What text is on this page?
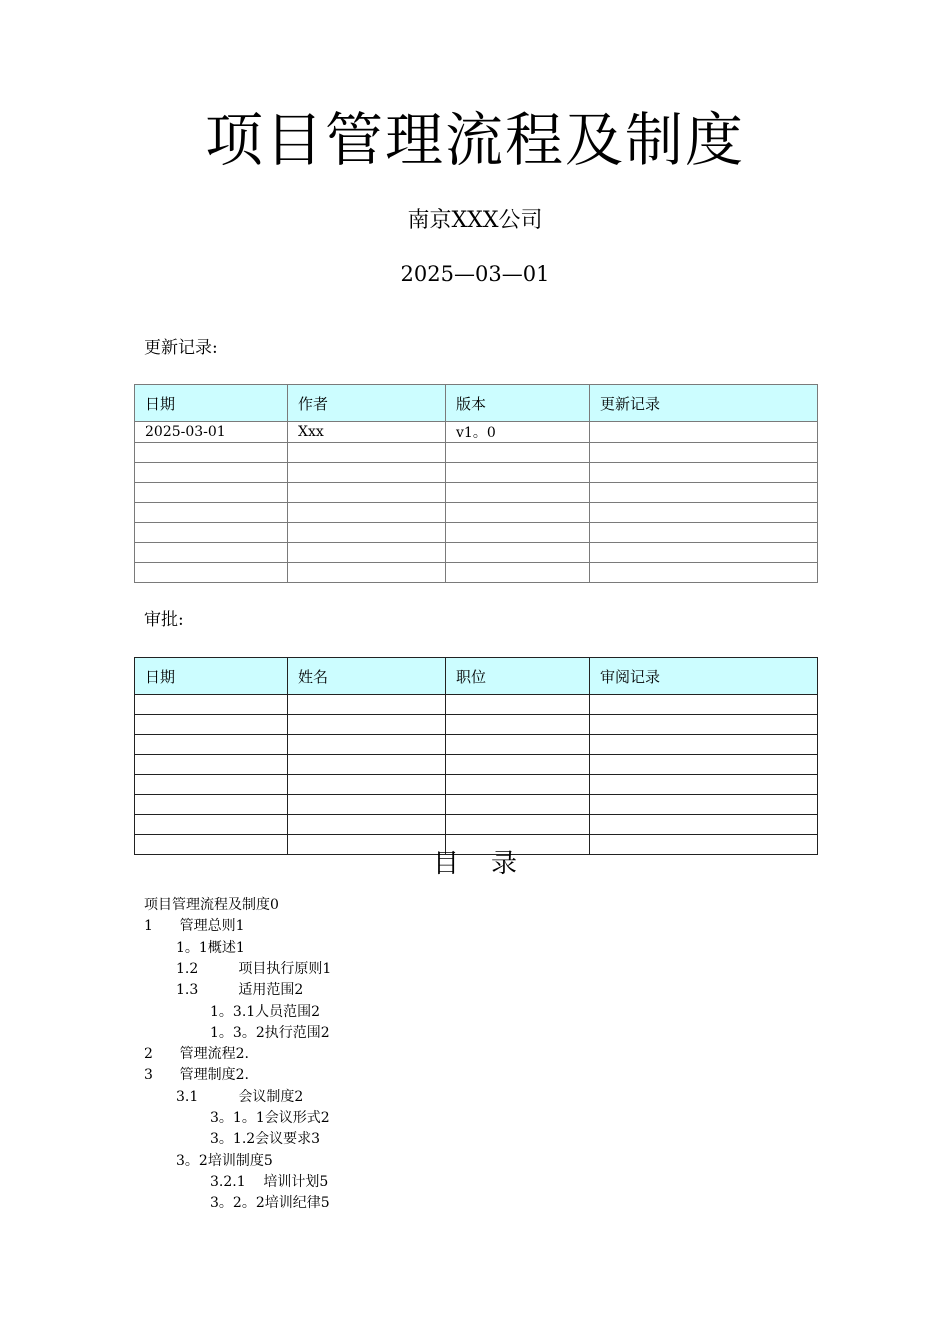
项目管理流程及制度
南京XXX公司
2025—03—01
更新记录:
日期	作者	版本	更新记录
2025-03-01	Xxx	v1。0	

审批:
日期	姓名	职位	审阅记录

目录
项目管理流程及制度0
1      管理总则1
1。1概述1
1.2         项目执行原则1
1.3         适用范围2
1。3.1人员范围2
1。3。2执行范围2
2      管理流程2.
3      管理制度2.
3.1         会议制度2
3。1。1会议形式2
3。1.2会议要求3
3。2培训制度5
3.2.1    培训计划5
3。2。2培训纪律5
